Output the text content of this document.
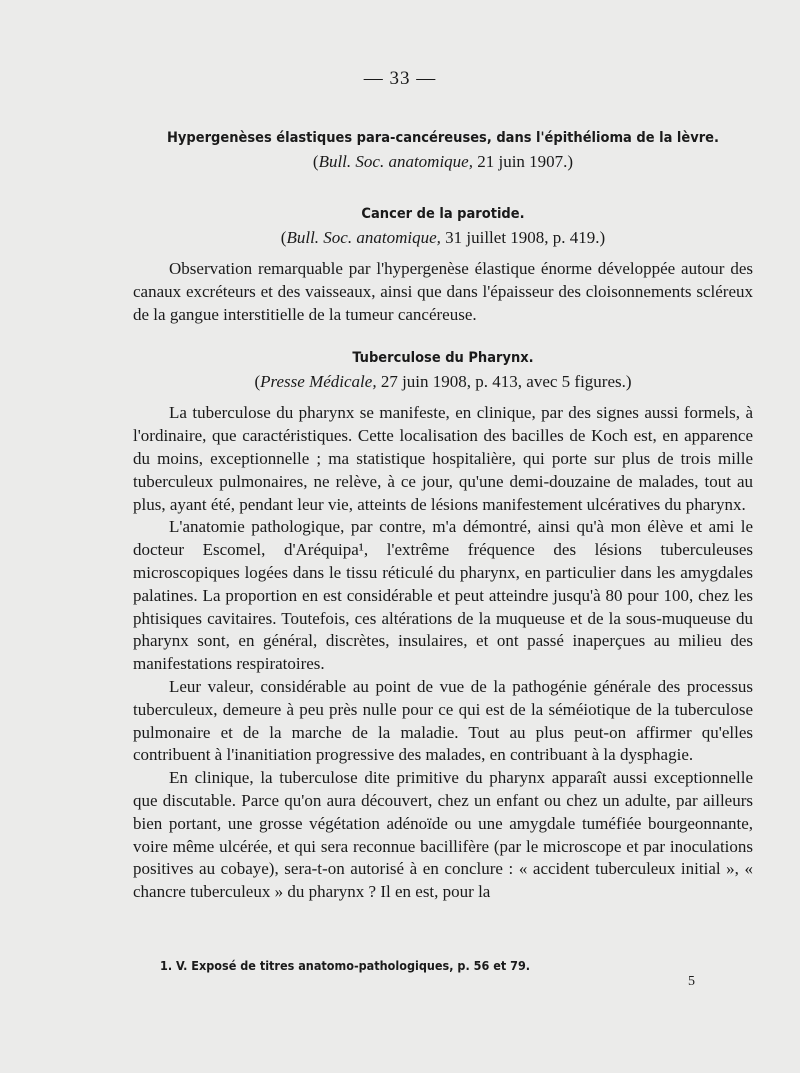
— 33 —
Hypergenèses élastiques para-cancéreuses, dans l'épithélioma de la lèvre.
(Bull. Soc. anatomique, 21 juin 1907.)
Cancer de la parotide.
(Bull. Soc. anatomique, 31 juillet 1908, p. 419.)

Observation remarquable par l'hypergenèse élastique énorme développée autour des canaux excréteurs et des vaisseaux, ainsi que dans l'épaisseur des cloisonnements scléreux de la gangue interstitielle de la tumeur cancéreuse.

Tuberculose du Pharynx.
(Presse Médicale, 27 juin 1908, p. 413, avec 5 figures.)

La tuberculose du pharynx se manifeste, en clinique, par des signes aussi formels, à l'ordinaire, que caractéristiques. Cette localisation des bacilles de Koch est, en apparence du moins, exceptionnelle ; ma statistique hospitalière, qui porte sur plus de trois mille tuberculeux pulmonaires, ne relève, à ce jour, qu'une demi-douzaine de malades, tout au plus, ayant été, pendant leur vie, atteints de lésions manifestement ulcératives du pharynx.

L'anatomie pathologique, par contre, m'a démontré, ainsi qu'à mon élève et ami le docteur Escomel, d'Aréquipa¹, l'extrême fréquence des lésions tuberculeuses microscopiques logées dans le tissu réticulé du pharynx, en particulier dans les amygdales palatines. La proportion en est considérable et peut atteindre jusqu'à 80 pour 100, chez les phtisiques cavitaires. Toutefois, ces altérations de la muqueuse et de la sous-muqueuse du pharynx sont, en général, discrètes, insulaires, et ont passé inaperçues au milieu des manifestations respiratoires.

Leur valeur, considérable au point de vue de la pathogénie générale des processus tuberculeux, demeure à peu près nulle pour ce qui est de la séméiotique de la tuberculose pulmonaire et de la marche de la maladie. Tout au plus peut-on affirmer qu'elles contribuent à l'inanitiation progressive des malades, en contribuant à la dysphagie.

En clinique, la tuberculose dite primitive du pharynx apparaît aussi exceptionnelle que discutable. Parce qu'on aura découvert, chez un enfant ou chez un adulte, par ailleurs bien portant, une grosse végétation adénoïde ou une amygdale tuméfiée bourgeonnante, voire même ulcérée, et qui sera reconnue bacillifère (par le microscope et par inoculations positives au cobaye), sera-t-on autorisé à en conclure : « accident tuberculeux initial », « chancre tuberculeux » du pharynx ? Il en est, pour la

1. V. Exposé de titres anatomo-pathologiques, p. 56 et 79.
5
